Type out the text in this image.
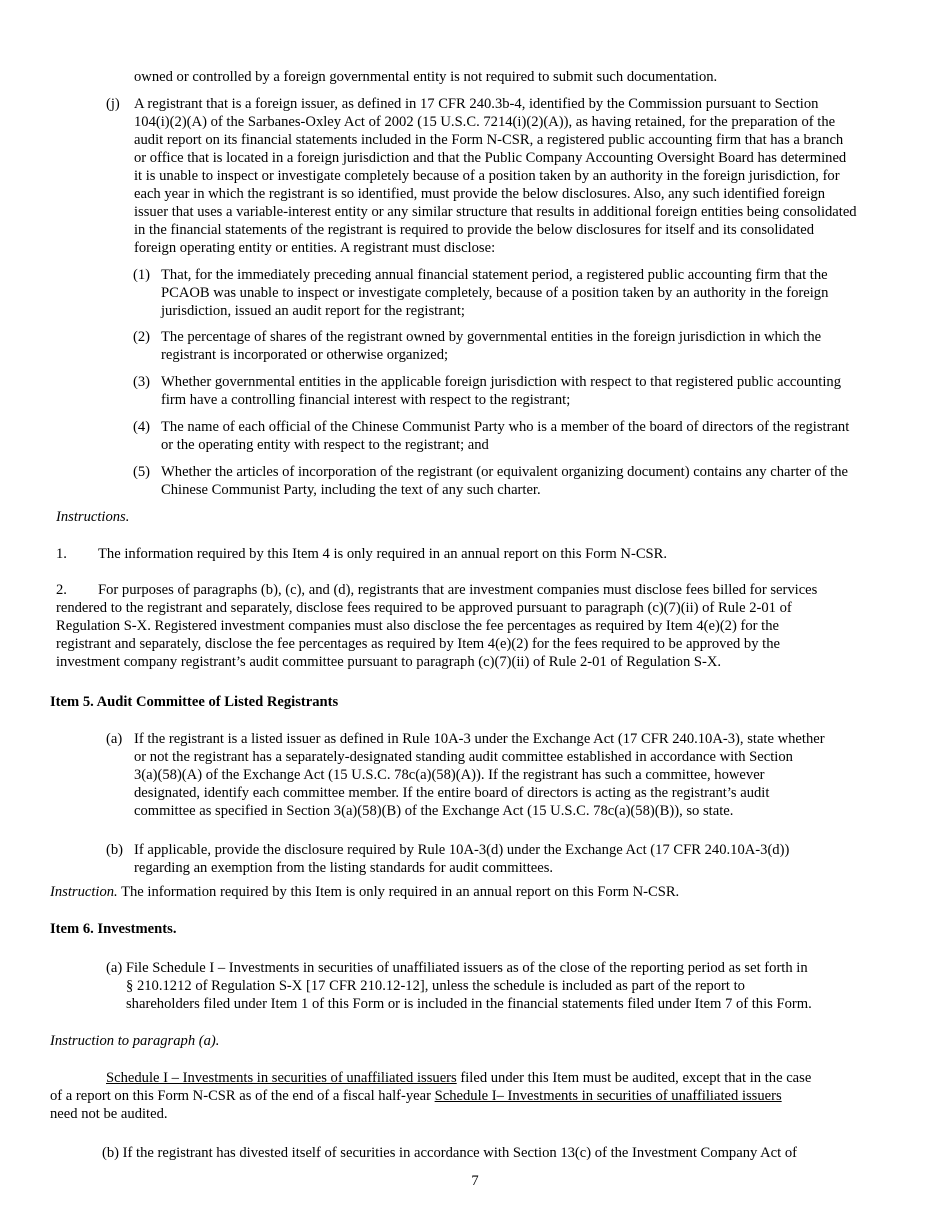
owned or controlled by a foreign governmental entity is not required to submit such documentation.
(j) A registrant that is a foreign issuer, as defined in 17 CFR 240.3b-4, identified by the Commission pursuant to Section
104(i)(2)(A) of the Sarbanes-Oxley Act of 2002 (15 U.S.C. 7214(i)(2)(A)), as having retained, for the preparation of the
audit report on its financial statements included in the Form N-CSR, a registered public accounting firm that has a branch
or office that is located in a foreign jurisdiction and that the Public Company Accounting Oversight Board has determined
it is unable to inspect or investigate completely because of a position taken by an authority in the foreign jurisdiction, for
each year in which the registrant is so identified, must provide the below disclosures. Also, any such identified foreign
issuer that uses a variable-interest entity or any similar structure that results in additional foreign entities being consolidated
in the financial statements of the registrant is required to provide the below disclosures for itself and its consolidated
foreign operating entity or entities. A registrant must disclose:
(1) That, for the immediately preceding annual financial statement period, a registered public accounting firm that the
PCAOB was unable to inspect or investigate completely, because of a position taken by an authority in the foreign
jurisdiction, issued an audit report for the registrant;
(2) The percentage of shares of the registrant owned by governmental entities in the foreign jurisdiction in which the
registrant is incorporated or otherwise organized;
(3) Whether governmental entities in the applicable foreign jurisdiction with respect to that registered public accounting
firm have a controlling financial interest with respect to the registrant;
(4) The name of each official of the Chinese Communist Party who is a member of the board of directors of the registrant
or the operating entity with respect to the registrant; and
(5) Whether the articles of incorporation of the registrant (or equivalent organizing document) contains any charter of the
Chinese Communist Party, including the text of any such charter.
Instructions.
1. The information required by this Item 4 is only required in an annual report on this Form N-CSR.
2. For purposes of paragraphs (b), (c), and (d), registrants that are investment companies must disclose fees billed for services
rendered to the registrant and separately, disclose fees required to be approved pursuant to paragraph (c)(7)(ii) of Rule 2-01 of
Regulation S-X. Registered investment companies must also disclose the fee percentages as required by Item 4(e)(2) for the
registrant and separately, disclose the fee percentages as required by Item 4(e)(2) for the fees required to be approved by the
investment company registrant’s audit committee pursuant to paragraph (c)(7)(ii) of Rule 2-01 of Regulation S-X.
Item 5. Audit Committee of Listed Registrants
(a) If the registrant is a listed issuer as defined in Rule 10A-3 under the Exchange Act (17 CFR 240.10A-3), state whether
or not the registrant has a separately-designated standing audit committee established in accordance with Section
3(a)(58)(A) of the Exchange Act (15 U.S.C. 78c(a)(58)(A)). If the registrant has such a committee, however
designated, identify each committee member. If the entire board of directors is acting as the registrant’s audit
committee as specified in Section 3(a)(58)(B) of the Exchange Act (15 U.S.C. 78c(a)(58)(B)), so state.
(b) If applicable, provide the disclosure required by Rule 10A-3(d) under the Exchange Act (17 CFR 240.10A-3(d))
regarding an exemption from the listing standards for audit committees.
Instruction. The information required by this Item is only required in an annual report on this Form N-CSR.
Item 6. Investments.
(a) File Schedule I – Investments in securities of unaffiliated issuers as of the close of the reporting period as set forth in
§ 210.1212 of Regulation S-X [17 CFR 210.12-12], unless the schedule is included as part of the report to
shareholders filed under Item 1 of this Form or is included in the financial statements filed under Item 7 of this Form.
Instruction to paragraph (a).
Schedule I – Investments in securities of unaffiliated issuers filed under this Item must be audited, except that in the case
of a report on this Form N-CSR as of the end of a fiscal half-year Schedule I– Investments in securities of unaffiliated issuers
need not be audited.
(b) If the registrant has divested itself of securities in accordance with Section 13(c) of the Investment Company Act of
7
